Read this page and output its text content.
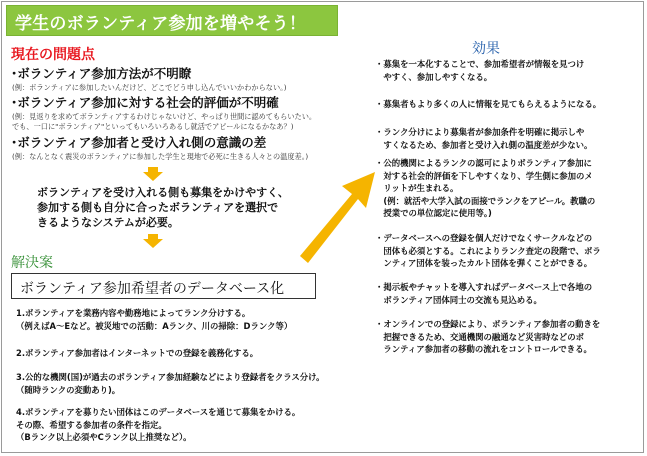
学生のボランティア参加を増やそう！
現在の問題点
･ボランティア参加方法が不明瞭
(例：ボランティアに参加したいんだけど、どこでどう申し込んでいいかわからない。)
･ボランティア参加に対する社会的評価が不明確
(例：見返りを求めてボランティアするわけじゃないけど、やっぱり世間に認めてもらいたい。
でも、一口に"ボランティア"といってもいろいろあるし就活でアピールになるかなあ？)
･ボランティア参加者と受け入れ側の意識の差
(例：なんとなく震災のボランティアに参加した学生と現地で必死に生きる人々との温度差。)
ボランティアを受け入れる側も募集をかけやすく、
参加する側も自分に合ったボランティアを選択で
きるようなシステムが必要。
解決案
ボランティア参加希望者のデータベース化
1.ボランティアを業務内容や勤務地によってランク分けする。
（例えばA〜Eなど。被災地での活動：Aランク、川の掃除：Dランク等）
2.ボランティア参加者はインターネットでの登録を義務化する。
3.公的な機関(国)が過去のボランティア参加経験などにより登録者をクラス分け。
（随時ランクの変動あり)。
4.ボランティアを募りたい団体はこのデータベースを通じて募集をかける。
その際、希望する参加者の条件を指定。
（Bランク以上必須やCランク以上推奨など）。
効果
・募集を一本化することで、参加希望者が情報を見つけ
　やすく、参加しやすくなる。
・募集者もより多くの人に情報を見てもらえるようになる。
・ランク分けにより募集者が参加条件を明確に掲示しや
　すくなるため、参加者と受け入れ側の温度差が少ない。
・公的機関によるランクの認可によりボランティア参加に
　対する社会的評価を下しやすくなり、学生側に参加のメ
　リットが生まれる。
　(例：就活や大学入試の面接でランクをアピール。教職の
　授業での単位認定に使用等。)
・データベースへの登録を個人だけでなくサークルなどの
　団体も必須とする。これによりランク査定の段階で、ボラ
　ンティア団体を装ったカルト団体を弾くことができる。
・掲示板やチャットを導入すればデータベース上で各地の
　ボランティア団体同士の交流も見込める。
・オンラインでの登録により、ボランティア参加者の動きを
　把握できるため、交通機関の融通など災害時などのボ
　ランティア参加者の移動の流れをコントロールできる。
